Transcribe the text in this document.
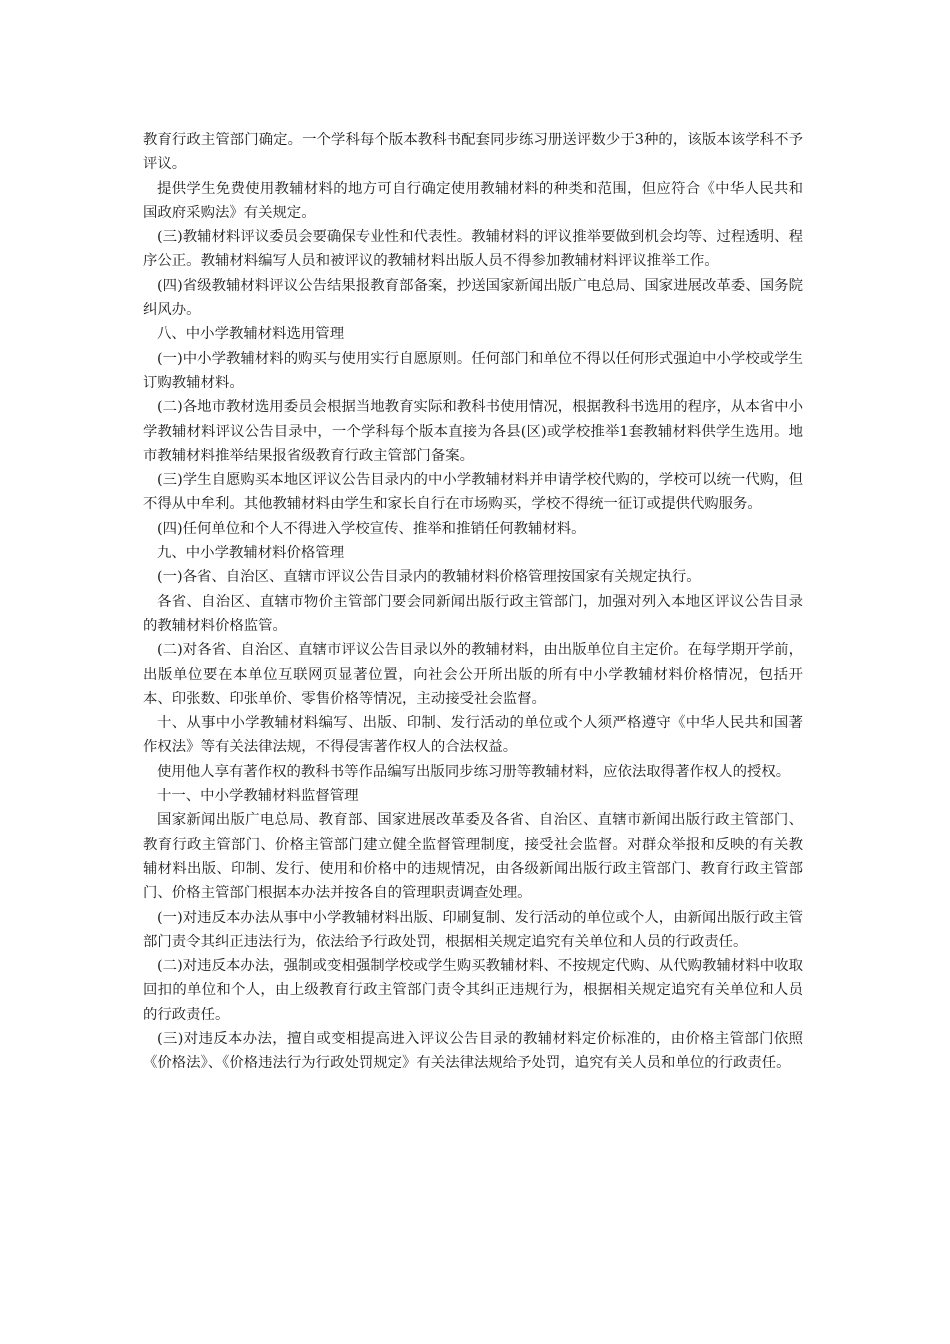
教育行政主管部门确定。一个学科每个版本教科书配套同步练习册送评数少于3种的，该版本该学科不予评议。

提供学生免费使用教辅材料的地方可自行确定使用教辅材料的种类和范围，但应符合《中华人民共和国政府采购法》有关规定。

(三)教辅材料评议委员会要确保专业性和代表性。教辅材料的评议推举要做到机会均等、过程透明、程序公正。教辅材料编写人员和被评议的教辅材料出版人员不得参加教辅材料评议推举工作。

(四)省级教辅材料评议公告结果报教育部备案，抄送国家新闻出版广电总局、国家进展改革委、国务院纠风办。

八、中小学教辅材料选用管理

(一)中小学教辅材料的购买与使用实行自愿原则。任何部门和单位不得以任何形式强迫中小学校或学生订购教辅材料。

(二)各地市教材选用委员会根据当地教育实际和教科书使用情况，根据教科书选用的程序，从本省中小学教辅材料评议公告目录中，一个学科每个版本直接为各县(区)或学校推举1套教辅材料供学生选用。地市教辅材料推举结果报省级教育行政主管部门备案。

(三)学生自愿购买本地区评议公告目录内的中小学教辅材料并申请学校代购的，学校可以统一代购，但不得从中牟利。其他教辅材料由学生和家长自行在市场购买，学校不得统一征订或提供代购服务。

(四)任何单位和个人不得进入学校宣传、推举和推销任何教辅材料。

九、中小学教辅材料价格管理

(一)各省、自治区、直辖市评议公告目录内的教辅材料价格管理按国家有关规定执行。

各省、自治区、直辖市物价主管部门要会同新闻出版行政主管部门，加强对列入本地区评议公告目录的教辅材料价格监管。

(二)对各省、自治区、直辖市评议公告目录以外的教辅材料，由出版单位自主定价。在每学期开学前，出版单位要在本单位互联网页显著位置，向社会公开所出版的所有中小学教辅材料价格情况，包括开本、印张数、印张单价、零售价格等情况，主动接受社会监督。

十、从事中小学教辅材料编写、出版、印制、发行活动的单位或个人须严格遵守《中华人民共和国著作权法》等有关法律法规，不得侵害著作权人的合法权益。

使用他人享有著作权的教科书等作品编写出版同步练习册等教辅材料，应依法取得著作权人的授权。

十一、中小学教辅材料监督管理

国家新闻出版广电总局、教育部、国家进展改革委及各省、自治区、直辖市新闻出版行政主管部门、教育行政主管部门、价格主管部门建立健全监督管理制度，接受社会监督。对群众举报和反映的有关教辅材料出版、印制、发行、使用和价格中的违规情况，由各级新闻出版行政主管部门、教育行政主管部门、价格主管部门根据本办法并按各自的管理职责调查处理。

(一)对违反本办法从事中小学教辅材料出版、印刷复制、发行活动的单位或个人，由新闻出版行政主管部门责令其纠正违法行为，依法给予行政处罚，根据相关规定追究有关单位和人员的行政责任。

(二)对违反本办法，强制或变相强制学校或学生购买教辅材料、不按规定代购、从代购教辅材料中收取回扣的单位和个人，由上级教育行政主管部门责令其纠正违规行为，根据相关规定追究有关单位和人员的行政责任。

(三)对违反本办法，擅自或变相提高进入评议公告目录的教辅材料定价标准的，由价格主管部门依照《价格法》、《价格违法行为行政处罚规定》有关法律法规给予处罚，追究有关人员和单位的行政责任。
